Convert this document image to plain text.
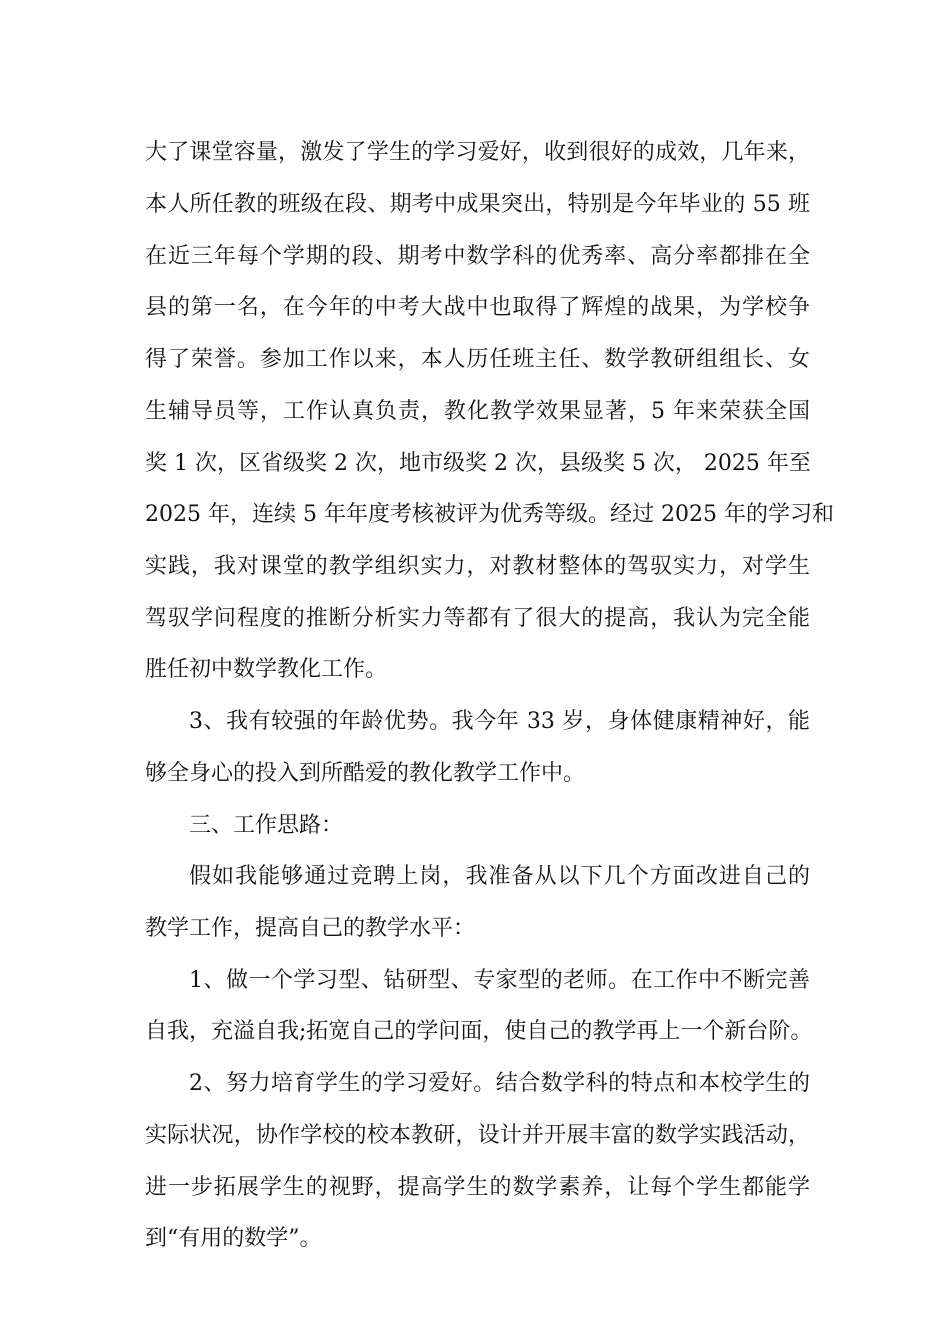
大了课堂容量，激发了学生的学习爱好，收到很好的成效，几年来，
本人所任教的班级在段、期考中成果突出，特别是今年毕业的 55 班
在近三年每个学期的段、期考中数学科的优秀率、高分率都排在全
县的第一名，在今年的中考大战中也取得了辉煌的战果，为学校争
得了荣誉。参加工作以来，本人历任班主任、数学教研组组长、女
生辅导员等，工作认真负责，教化教学效果显著，5 年来荣获全国
奖 1 次，区省级奖 2 次，地市级奖 2 次，县级奖 5 次， 2025 年至
2025 年，连续 5 年年度考核被评为优秀等级。经过 2025 年的学习和
实践，我对课堂的教学组织实力，对教材整体的驾驭实力，对学生
驾驭学问程度的推断分析实力等都有了很大的提高，我认为完全能
胜任初中数学教化工作。
3、我有较强的年龄优势。我今年 33 岁，身体健康精神好，能
够全身心的投入到所酷爱的教化教学工作中。
三、工作思路：
假如我能够通过竞聘上岗，我准备从以下几个方面改进自己的
教学工作，提高自己的教学水平：
1、做一个学习型、钻研型、专家型的老师。在工作中不断完善
自我，充溢自我;拓宽自己的学问面，使自己的教学再上一个新台阶。
2、努力培育学生的学习爱好。结合数学科的特点和本校学生的
实际状况，协作学校的校本教研，设计并开展丰富的数学实践活动，
进一步拓展学生的视野，提高学生的数学素养，让每个学生都能学
到“有用的数学”。
